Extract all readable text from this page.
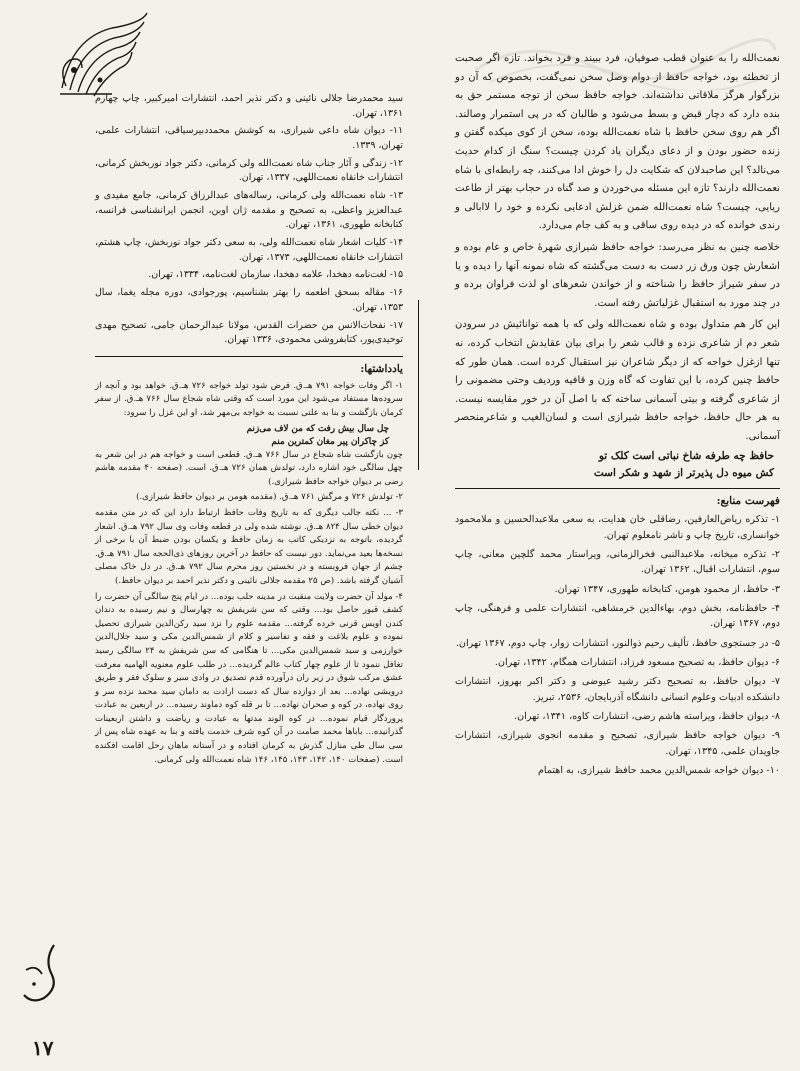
نعمت‌الله را به عنوان قطب صوفیان، فرد ببیند و فرد بخواند. تازه اگر صحبت از تخطئه بود، خواجه حافظ از دوام وصل سخن نمی‌گفت، بخصوص که آن دو بزرگوار هرگز ملاقاتی نداشته‌اند. خواجه حافظ سخن از توجه مستمر حق به بنده دارد که دچار قبض و بسط می‌شود و طالبان که در پی استمرار وصالند. اگر هم روی سخن حافظ با شاه نعمت‌الله بوده، سخن از کوی میکده گفتن و زنده حضور بودن و از دعای دیگران یاد کردن چیست؟ سنگ از کدام حدیث می‌نالد؟ این صاحبدلان که شکایت دل را خوش ادا می‌کنند، چه رابطه‌ای با شاه نعمت‌الله دارند؟ تازه این مسئله می‌خوردن و صد گناه در حجاب بهتر از طاعت ریایی، چیست؟ شاه نعمت‌الله ضمن غزلش ادعایی نکرده و خود را لاابالی و رندی خوانده که در دیده روی ساقی و به کف جام می‌دارد.

خلاصه چنین به نظر می‌رسد: خواجه حافظ شیرازی شهره‌ٔ خاص و عام بوده و اشعارش چون ورق زر دست به دست می‌گشته که شاه نمونه آنها را دیده و یا در سفر شیراز حافظ را شناخته و از خواندن شعرهای او لذت فراوان برده و در چند مورد به استقبال غزلیاتش رفته است.

این کار هم متداول بوده و شاه نعمت‌الله ولی که با همه توانائیش در سرودن شعر دم از شاعری نزده و قالب شعر را برای بیان عقایدش انتخاب کرده، نه تنها ازغزل خواجه که از دیگر شاعران نیز استقبال کرده است. همان طور که حافظ چنین کرده، با این تفاوت که گاه وزن و قافیه وردیف وحتی مضمونی را از شاعری گرفته و بیتی آسمانی ساخته که با اصل آن در خور مقایسه نیست. به هر حال حافظ، خواجه حافظ شیرازی است و لسان‌الغیب و شاعرمنحصر آسمانی.

حافظ چه طرفه شاخ نباتی است کلک تو
کش میوه دل پذیرتر از شهد و شکر است
فهرست منابع:

۱- تذکره ریاض‌العارفین، رضاقلی خان هدایت، به سعی ملاعبدالحسین و ملامحمود خوانساری، تاریخ چاپ و ناشر نامعلوم تهران.

۲- تذکره میخانه، ملاعبدالنبی فخرالزمانی، ویراستار محمد گلچین معانی، چاپ سوم، انتشارات اقبال، ۱۳۶۲ تهران.

۳- حافظ، از محمود هومن، کتابخانه طهوری، ۱۳۴۷ تهران.

۴- حافظ‌نامه، بخش دوم، بهاءالدین خرمشاهی، انتشارات علمی و فرهنگی، چاپ دوم، ۱۳۶۷ تهران.

۵- در جستجوی حافظ، تألیف رحیم ذوالنور، انتشارات زوار، چاپ دوم، ۱۳۶۷ تهران.

۶- دیوان حافظ، به تصحیح مسعود فرزاد، انتشارات همگام، ۱۳۴۲، تهران.

۷- دیوان حافظ، به تصحیح دکتر رشید عیوضی و دکتر اکبر بهروز، انتشارات دانشکده ادبیات وعلوم انسانی دانشگاه آذربایجان، ۲۵۳۶، تبریز.

۸- دیوان حافظ، ویراسته هاشم رضی، انتشارات کاوه، ۱۳۴۱، تهران.

۹- دیوان خواجه حافظ شیرازی، تصحیح و مقدمه انجوی شیرازی، انتشارات جاویدان علمی، ۱۳۴۵، تهران.

۱۰- دیوان خواجه شمس‌الدین محمد حافظ شیرازی، به اهتمام

سید محمدرضا جلالی نائینی و دکتر نذیر احمد، انتشارات امیرکبیر، چاپ چهارم ۱۳۶۱، تهران.

۱۱- دیوان شاه داعی شیرازی، به کوشش محمددبیرسیاقی، انتشارات علمی، تهران، ۱۳۳۹.

۱۲- زندگی و آثار جناب شاه نعمت‌الله ولی کرمانی، دکتر جواد نوربخش کرمانی، انتشارات خانقاه نعمت‌اللهی، ۱۳۳۷، تهران.

۱۳- شاه نعمت‌الله ولی کرمانی، رساله‌های عبدالرزاق کرمانی، جامع مفیدی و عبدالعزیز واعظی، به تصحیح و مقدمه ژان اوبن، انجمن ایرانشناسی فرانسه، کتابخانه طهوری، ۱۳۶۱، تهران.

۱۴- کلیات اشعار شاه نعمت‌الله ولی، به سعی دکتر جواد نوربخش، چاپ هشتم، انتشارات خانقاه نعمت‌اللهی، ۱۳۷۳، تهران.

۱۵- لغت‌نامه دهخدا، علامه دهخدا، سازمان لغت‌نامه، ۱۳۳۴، تهران.

۱۶- مقاله بسحق اطعمه را بهتر بشناسیم، پورجوادی، دوره مجله یغما، سال ۱۳۵۳، تهران.

۱۷- نفحات‌الانس من حضرات القدس، مولانا عبدالرحمان جامی، تصحیح مهدی توحیدی‌پور، کتابفروشی محمودی، ۱۳۳۶ تهران.

یادداشتها:

۱- اگر وفات خواجه ۷۹۱ هـ.ق. فرض شود تولد خواجه ۷۲۶ هـ.ق. خواهد بود و آنچه از سروده‌ها مستفاد می‌شود این مورد است که وقتی شاه شجاع سال ۷۶۶ هـ.ق. از سفر کرمان بازگشت و بنا به علتی نسبت به خواجه بی‌مهر شد، او این غزل را سرود:

چل سال بیش رفت که من لاف می‌زنم
کز چاکران پیر مغان کمترین منم

چون بازگشت شاه شجاع در سال ۷۶۶ هـ.ق. قطعی است و خواجه هم در این شعر به چهل سالگی خود اشاره دارد، تولدش همان ۷۲۶ هـ.ق. است. (صفحه ۴۰ مقدمه هاشم رضی بر دیوان خواجه حافظ شیرازی.)

۲- تولدش ۷۲۶ و مرگش ۷۶۱ هـ.ق. (مقدمه هومن بر دیوان حافظ شیرازی.)

۳- ... نکته جالب دیگری که به تاریخ وفات حافظ ارتباط دارد این که در متن مقدمه دیوان خطی سال ۸۲۴ هـ.ق. نوشته شده ولی در قطعه وفات وی سال ۷۹۲ هـ.ق. اشعار گردیده، باتوجه به نزدیکی کاتب به زمان حافظ و یکسان بودن ضبط آن با برخی از نسخه‌ها بعید می‌نماید. دور نیست که حافظ در آخرین روزهای ذی‌الحجه سال ۷۹۱ هـ.ق. چشم از جهان فروبسته و در نخستین روز محرم سال ۷۹۲ هـ.ق. در دل خاک مصلی آشیان گرفته باشد. (ص ۲۵ مقدمه جلالی نائینی و دکتر نذیر احمد بر دیوان حافظ.)

۴- مولد آن حضرت ولایت منقبت در مدینه حلب بوده... در ایام پنج سالگی آن حضرت را کشف قبور حاصل بود... وقتی که سن شریفش به چهارسال و نیم رسیده به دندان کندن اویس قرنی خرده گرفته... مقدمه علوم را نزد سید رکن‌الدین شیرازی تحصیل نموده و علوم بلاغت و فقه و تفاسیر و کلام از شمس‌الدین مکی و سید جلال‌الدین خوارزمی و سید شمس‌الدین مکی... تا هنگامی که سن شریفش به ۲۴ سالگی رسید تغافل ننمود تا از علوم چهار کتاب عالم گردیده... در طلب علوم معنویه الهامیه معرفت عشق مرکب شوق در زیر ران درآورده قدم تصدیق در وادی سیر و سلوک فقر و طریق درویشی نهاده... بعد از دوازده سال که دست ارادت به دامان سید محمد نزده سر و روی نهاده، در کوه و صحران نهاده... تا بر قله کوه دماوند رسیده... در اربعین به عبادت پروردگار قیام نموده... در کوه الوند مدتها به عبادت و ریاضت و داشتن اربعینات گذرانیده... باباها محمد صامت در آن کوه شرف خدمت یافته و بنا به عهده شاه پس از سی سال طی منازل گذرش به کرمان افتاده و در آستانه ماهان رحل اقامت افکنده است. (صفحات ۱۴۰، ۱۴۲، ۱۴۳، ۱۴۵، ۱۴۶ شاه نعمت‌الله ولی کرمانی.

۱۷
